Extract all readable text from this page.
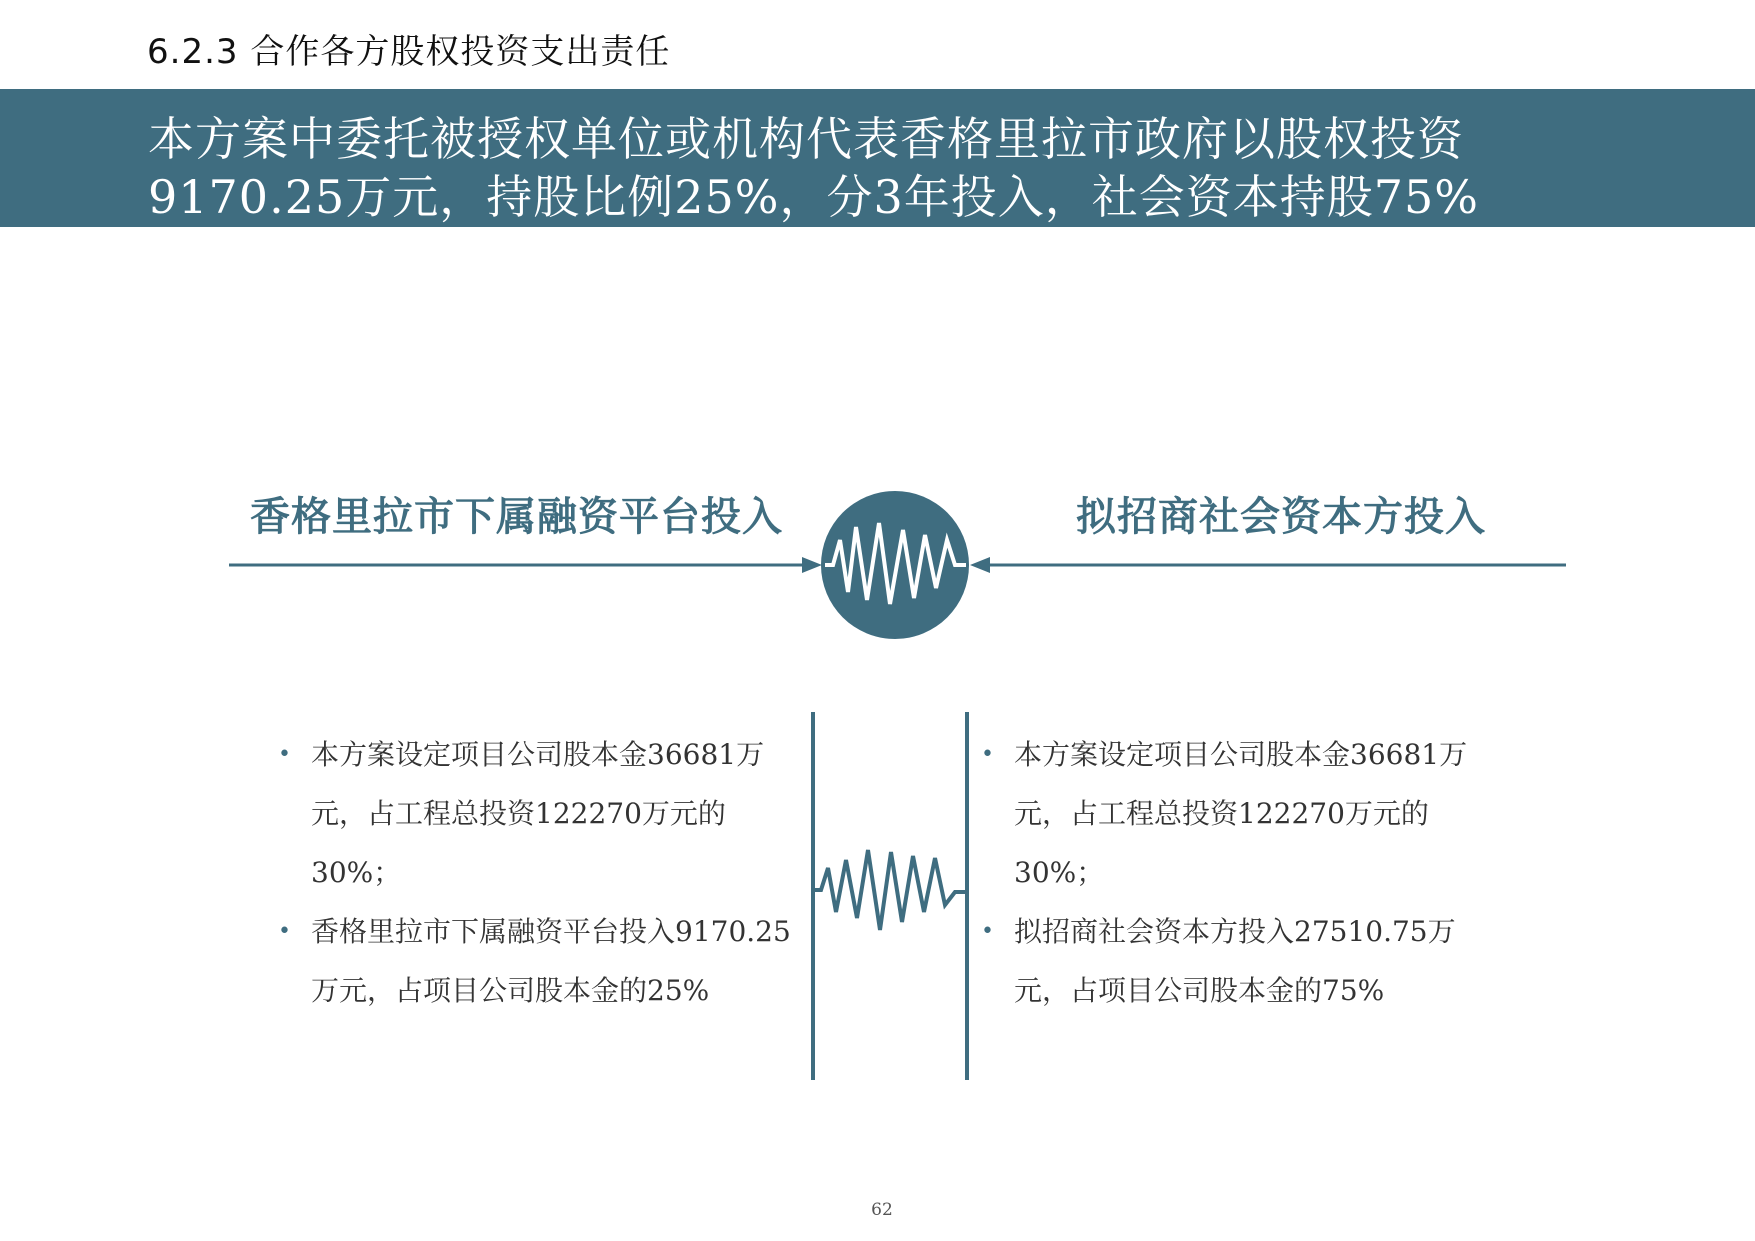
6.2.3 合作各方股权投资支出责任
本方案中委托被授权单位或机构代表香格里拉市政府以股权投资
9170.25万元，持股比例25%，分3年投入，社会资本持股75%
香格里拉市下属融资平台投入	拟招商社会资本方投入
• 本方案设定项目公司股本金36681万元，占工程总投资122270万元的30%；
• 香格里拉市下属融资平台投入9170.25万元，占项目公司股本金的25%
• 本方案设定项目公司股本金36681万元，占工程总投资122270万元的30%；
• 拟招商社会资本方投入27510.75万元，占项目公司股本金的75%
62
